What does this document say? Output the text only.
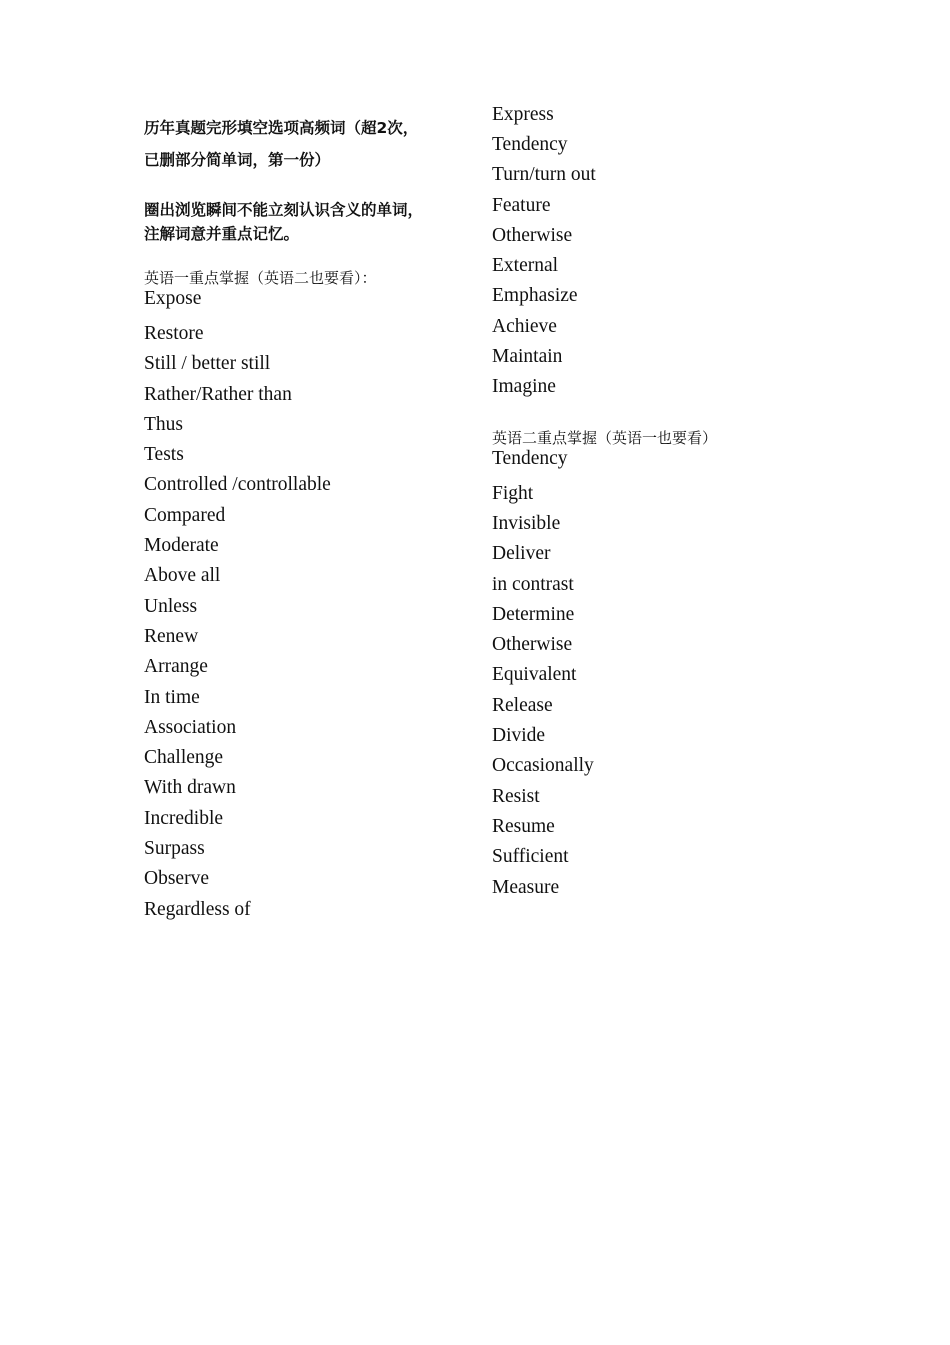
历年真题完形填空选项高频词（超2次，
已删部分简单词，第一份）

圈出浏览瞬间不能立刻认识含义的单词，
注解词意并重点记忆。

英语一重点掌握（英语二也要看）：

Expose
Restore
Still / better still
Rather/Rather than
Thus
Tests
Controlled /controllable
Compared
Moderate
Above all
Unless
Renew
Arrange
In time
Association
Challenge
With drawn
Incredible
Surpass
Observe
Regardless of
Express
Tendency
Turn/turn out
Feature
Otherwise
External
Emphasize
Achieve
Maintain
Imagine

英语二重点掌握（英语一也要看）

Tendency
Fight
Invisible
Deliver
in contrast
Determine
Otherwise
Equivalent
Release
Divide
Occasionally
Resist
Resume
Sufficient
Measure
